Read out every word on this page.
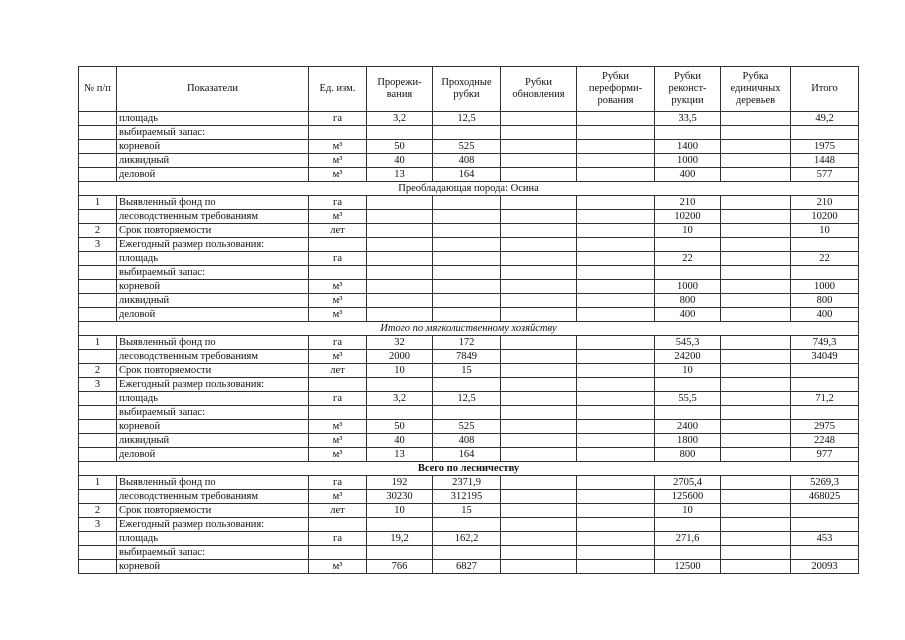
№ п/п	Показатели	Ед. изм.	Прорежи-вания	Проходные рубки	Рубки обновления	Рубки переформи-рования	Рубки реконст-рукции	Рубка единичных деревьев	Итого
	площадь	га	3,2	12,5			33,5		49,2
	выбираемый запас:								
	корневой	м³	50	525			1400		1975
	ликвидный	м³	40	408			1000		1448
	деловой	м³	13	164			400		577
Преобладающая порода: Осина									
1	Выявленный фонд по	га					210		210
	лесоводственным требованиям	м³					10200		10200
2	Срок повторяемости	лет					10		10
3	Ежегодный размер пользования:								
	площадь	га					22		22
	выбираемый запас:								
	корневой	м³					1000		1000
	ликвидный	м³					800		800
	деловой	м³					400		400
Итого по мягколиственному хозяйству									
1	Выявленный фонд по	га	32	172			545,3		749,3
	лесоводственным требованиям	м³	2000	7849			24200		34049
2	Срок повторяемости	лет	10	15			10		
3	Ежегодный размер пользования:								
	площадь	га	3,2	12,5			55,5		71,2
	выбираемый запас:								
	корневой	м³	50	525			2400		2975
	ликвидный	м³	40	408			1800		2248
	деловой	м³	13	164			800		977
Всего по лесничеству									
1	Выявленный фонд по	га	192	2371,9			2705,4		5269,3
	лесоводственным требованиям	м³	30230	312195			125600		468025
2	Срок повторяемости	лет	10	15			10		
3	Ежегодный размер пользования:								
	площадь	га	19,2	162,2			271,6		453
	выбираемый запас:								
	корневой	м³	766	6827			12500		20093
